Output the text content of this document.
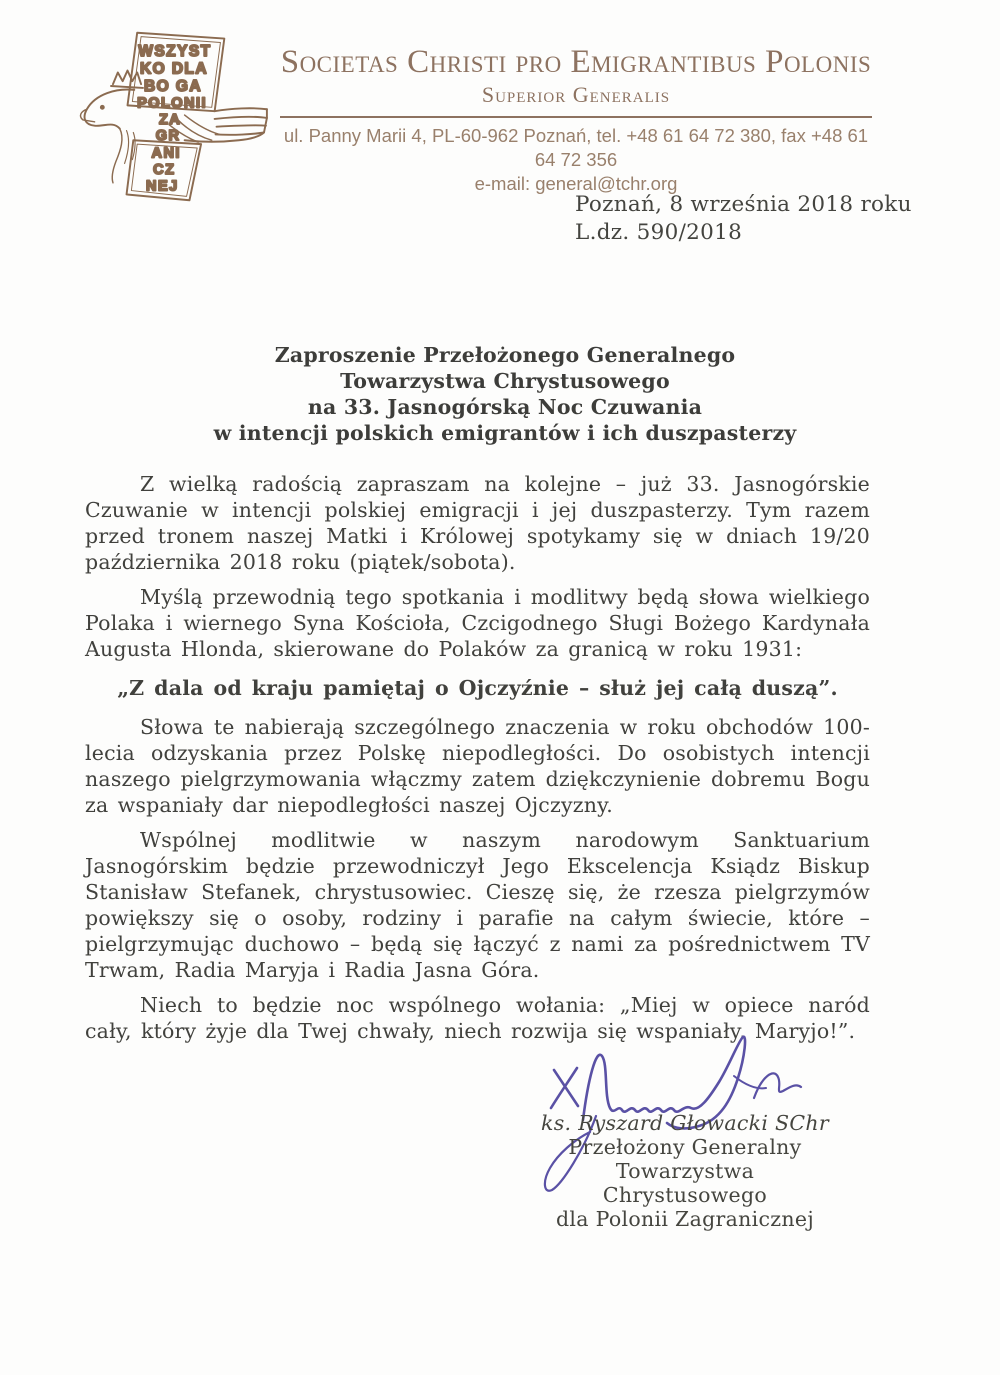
WSZYST
KO DLA
BO GA
POLONII
ZA
GR
ANI
CZ
NEJ
Societas Christi pro Emigrantibus Polonis
Superior Generalis
ul. Panny Marii 4, PL-60-962 Poznań, tel. +48 61 64 72 380, fax +48 61 64 72 356
e-mail: general@tchr.org
Poznań, 8 września 2018 roku
L.dz. 590/2018
Zaproszenie Przełożonego Generalnego
Towarzystwa Chrystusowego
na 33. Jasnogórską Noc Czuwania
w intencji polskich emigrantów i ich duszpasterzy

Z wielką radością zapraszam na kolejne – już 33. Jasnogórskie Czuwanie w intencji polskiej emigracji i jej duszpasterzy. Tym razem przed tronem naszej Matki i Królowej spotykamy się w dniach 19/20 października 2018 roku (piątek/sobota).

Myślą przewodnią tego spotkania i modlitwy będą słowa wielkiego Polaka i wiernego Syna Kościoła, Czcigodnego Sługi Bożego Kardynała Augusta Hlonda, skierowane do Polaków za granicą w roku 1931:

„Z dala od kraju pamiętaj o Ojczyźnie – służ jej całą duszą”.

Słowa te nabierają szczególnego znaczenia w roku obchodów 100-lecia odzyskania przez Polskę niepodległości. Do osobistych intencji naszego pielgrzymowania włączmy zatem dziękczynienie dobremu Bogu za wspaniały dar niepodległości naszej Ojczyzny.

Wspólnej modlitwie w naszym narodowym Sanktuarium Jasnogórskim będzie przewodniczył Jego Ekscelencja Ksiądz Biskup Stanisław Stefanek, chrystusowiec. Cieszę się, że rzesza pielgrzymów powiększy się o osoby, rodziny i parafie na całym świecie, które – pielgrzymując duchowo – będą się łączyć z nami za pośrednictwem TV Trwam, Radia Maryja i Radia Jasna Góra.

Niech to będzie noc wspólnego wołania: „Miej w opiece naród cały, który żyje dla Twej chwały, niech rozwija się wspaniały, Maryjo!”.

ks. Ryszard Głowacki SChr
Przełożony Generalny
Towarzystwa Chrystusowego
dla Polonii Zagranicznej
